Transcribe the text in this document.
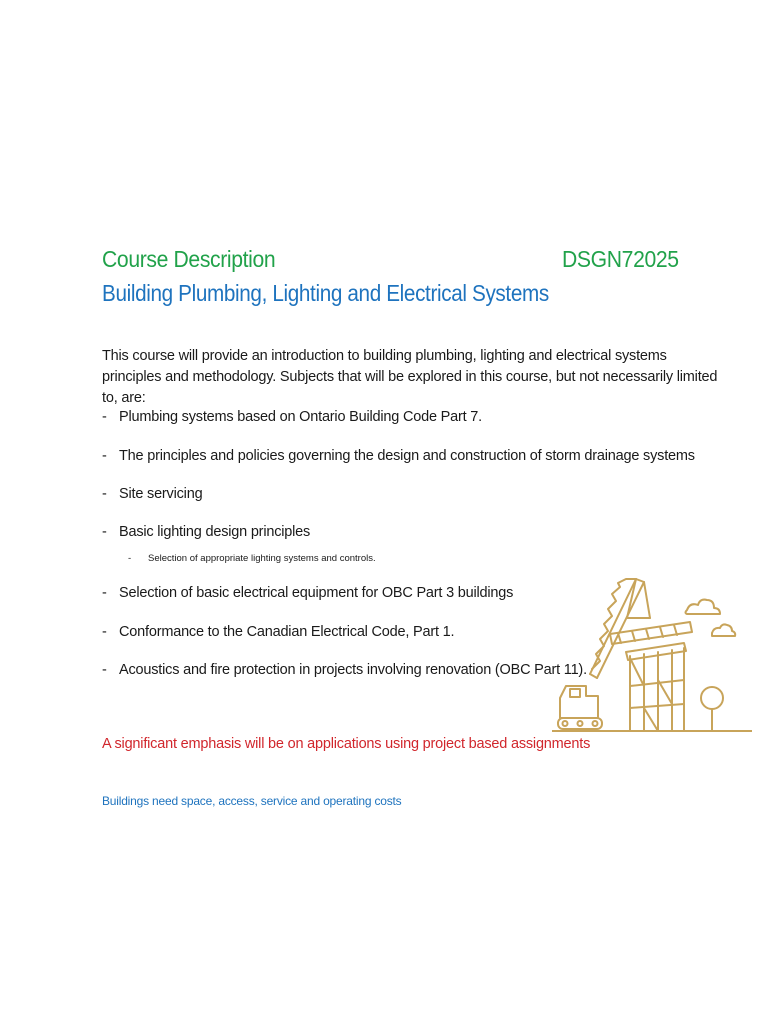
Course Description	DSGN72025
Building Plumbing, Lighting and Electrical Systems
This course will provide an introduction to building plumbing, lighting and electrical systems principles and methodology. Subjects that will be explored in this course, but not necessarily limited to, are:
- Plumbing systems based on Ontario Building Code Part 7.
- The principles and policies governing the design and construction of storm drainage systems
- Site servicing
- Basic lighting design principles
- Selection of appropriate lighting systems and controls.
- Selection of basic electrical equipment for OBC Part 3 buildings
- Conformance to the Canadian Electrical Code, Part 1.
- Acoustics and fire protection in projects involving renovation (OBC Part 11).
A significant emphasis will be on applications using project based assignments
Buildings need space, access, service and operating costs
